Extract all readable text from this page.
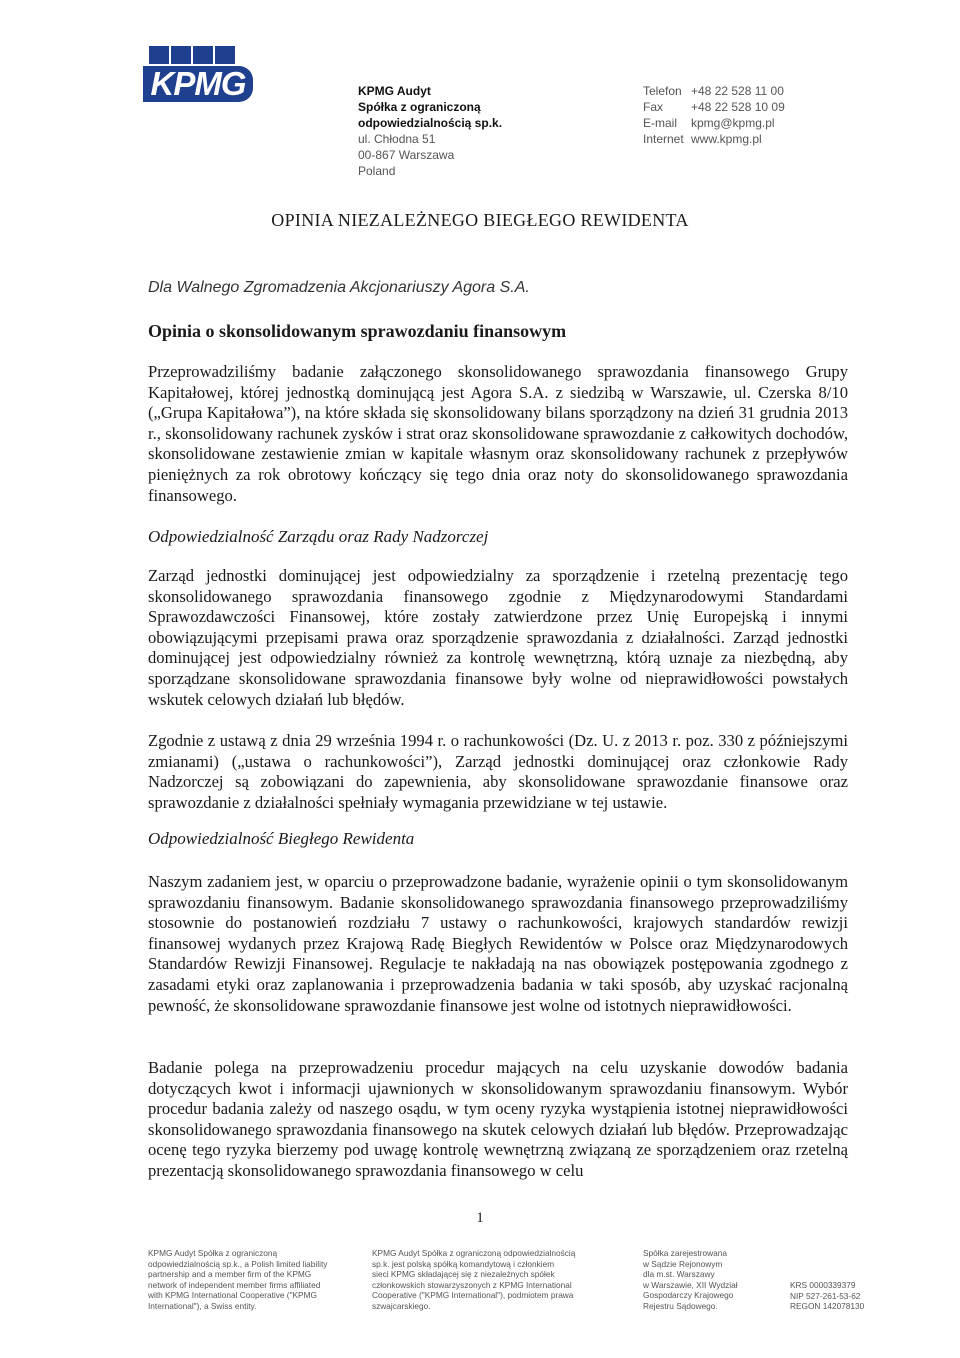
KPMG	KPMG Audyt
Spółka z ograniczoną
odpowiedzialnością sp.k.
ul. Chłodna 51
00-867 Warszawa
Poland
Telefon +48 22 528 11 00
Fax	+48 22 528 10 09
E-mail	kpmg@kpmg.pl
Internet www.kpmg.pl
OPINIA NIEZALEŻNEGO BIEGŁEGO REWIDENTA
Dla Walnego Zgromadzenia Akcjonariuszy Agora S.A.
Opinia o skonsolidowanym sprawozdaniu finansowym
Przeprowadziliśmy badanie załączonego skonsolidowanego sprawozdania finansowego Grupy Kapitałowej, której jednostką dominującą jest Agora S.A. z siedzibą w Warszawie, ul. Czerska 8/10 („Grupa Kapitałowa”), na które składa się skonsolidowany bilans sporządzony na dzień 31 grudnia 2013 r., skonsolidowany rachunek zysków i strat oraz skonsolidowane sprawozdanie z całkowitych dochodów, skonsolidowane zestawienie zmian w kapitale własnym oraz skonsolidowany rachunek z przepływów pieniężnych za rok obrotowy kończący się tego dnia oraz noty do skonsolidowanego sprawozdania finansowego.
Odpowiedzialność Zarządu oraz Rady Nadzorczej
Zarząd jednostki dominującej jest odpowiedzialny za sporządzenie i rzetelną prezentację tego skonsolidowanego sprawozdania finansowego zgodnie z Międzynarodowymi Standardami Sprawozdawczości Finansowej, które zostały zatwierdzone przez Unię Europejską i innymi obowiązującymi przepisami prawa oraz sporządzenie sprawozdania z działalności. Zarząd jednostki dominującej jest odpowiedzialny również za kontrolę wewnętrzną, którą uznaje za niezbędną, aby sporządzane skonsolidowane sprawozdania finansowe były wolne od nieprawidłowości powstałych wskutek celowych działań lub błędów.
Zgodnie z ustawą z dnia 29 września 1994 r. o rachunkowości (Dz. U. z 2013 r. poz. 330 z późniejszymi zmianami) („ustawa o rachunkowości”), Zarząd jednostki dominującej oraz członkowie Rady Nadzorczej są zobowiązani do zapewnienia, aby skonsolidowane sprawozdanie finansowe oraz sprawozdanie z działalności spełniały wymagania przewidziane w tej ustawie.
Odpowiedzialność Biegłego Rewidenta
Naszym zadaniem jest, w oparciu o przeprowadzone badanie, wyrażenie opinii o tym skonsolidowanym sprawozdaniu finansowym. Badanie skonsolidowanego sprawozdania finansowego przeprowadziliśmy stosownie do postanowień rozdziału 7 ustawy o rachunkowości, krajowych standardów rewizji finansowej wydanych przez Krajową Radę Biegłych Rewidentów w Polsce oraz Międzynarodowych Standardów Rewizji Finansowej. Regulacje te nakładają na nas obowiązek postępowania zgodnego z zasadami etyki oraz zaplanowania i przeprowadzenia badania w taki sposób, aby uzyskać racjonalną pewność, że skonsolidowane sprawozdanie finansowe jest wolne od istotnych nieprawidłowości.
Badanie polega na przeprowadzeniu procedur mających na celu uzyskanie dowodów badania dotyczących kwot i informacji ujawnionych w skonsolidowanym sprawozdaniu finansowym. Wybór procedur badania zależy od naszego osądu, w tym oceny ryzyka wystąpienia istotnej nieprawidłowości skonsolidowanego sprawozdania finansowego na skutek celowych działań lub błędów. Przeprowadzając ocenę tego ryzyka bierzemy pod uwagę kontrolę wewnętrzną związaną ze sporządzeniem oraz rzetelną prezentacją skonsolidowanego sprawozdania finansowego w celu
1
KPMG Audyt Spółka z ograniczoną
odpowiedzialnością sp.k., a Polish limited liability
partnership and a member firm of the KPMG
network of independent member firms affiliated
with KPMG International Cooperative ("KPMG
International"), a Swiss entity.
KPMG Audyt Spółka z ograniczoną odpowiedzialnością
sp.k. jest polską spółką komandytową i członkiem
sieci KPMG składającej się z niezależnych spółek
członkowskich stowarzyszonych z KPMG International
Cooperative ("KPMG International"), podmiotem prawa
szwajcarskiego.
Spółka zarejestrowana
w Sądzie Rejonowym
dla m.st. Warszawy
w Warszawie, XII Wydział
Gospodarczy Krajowego
Rejestru Sądowego.
KRS 0000339379
NIP 527-261-53-62
REGON 142078130
